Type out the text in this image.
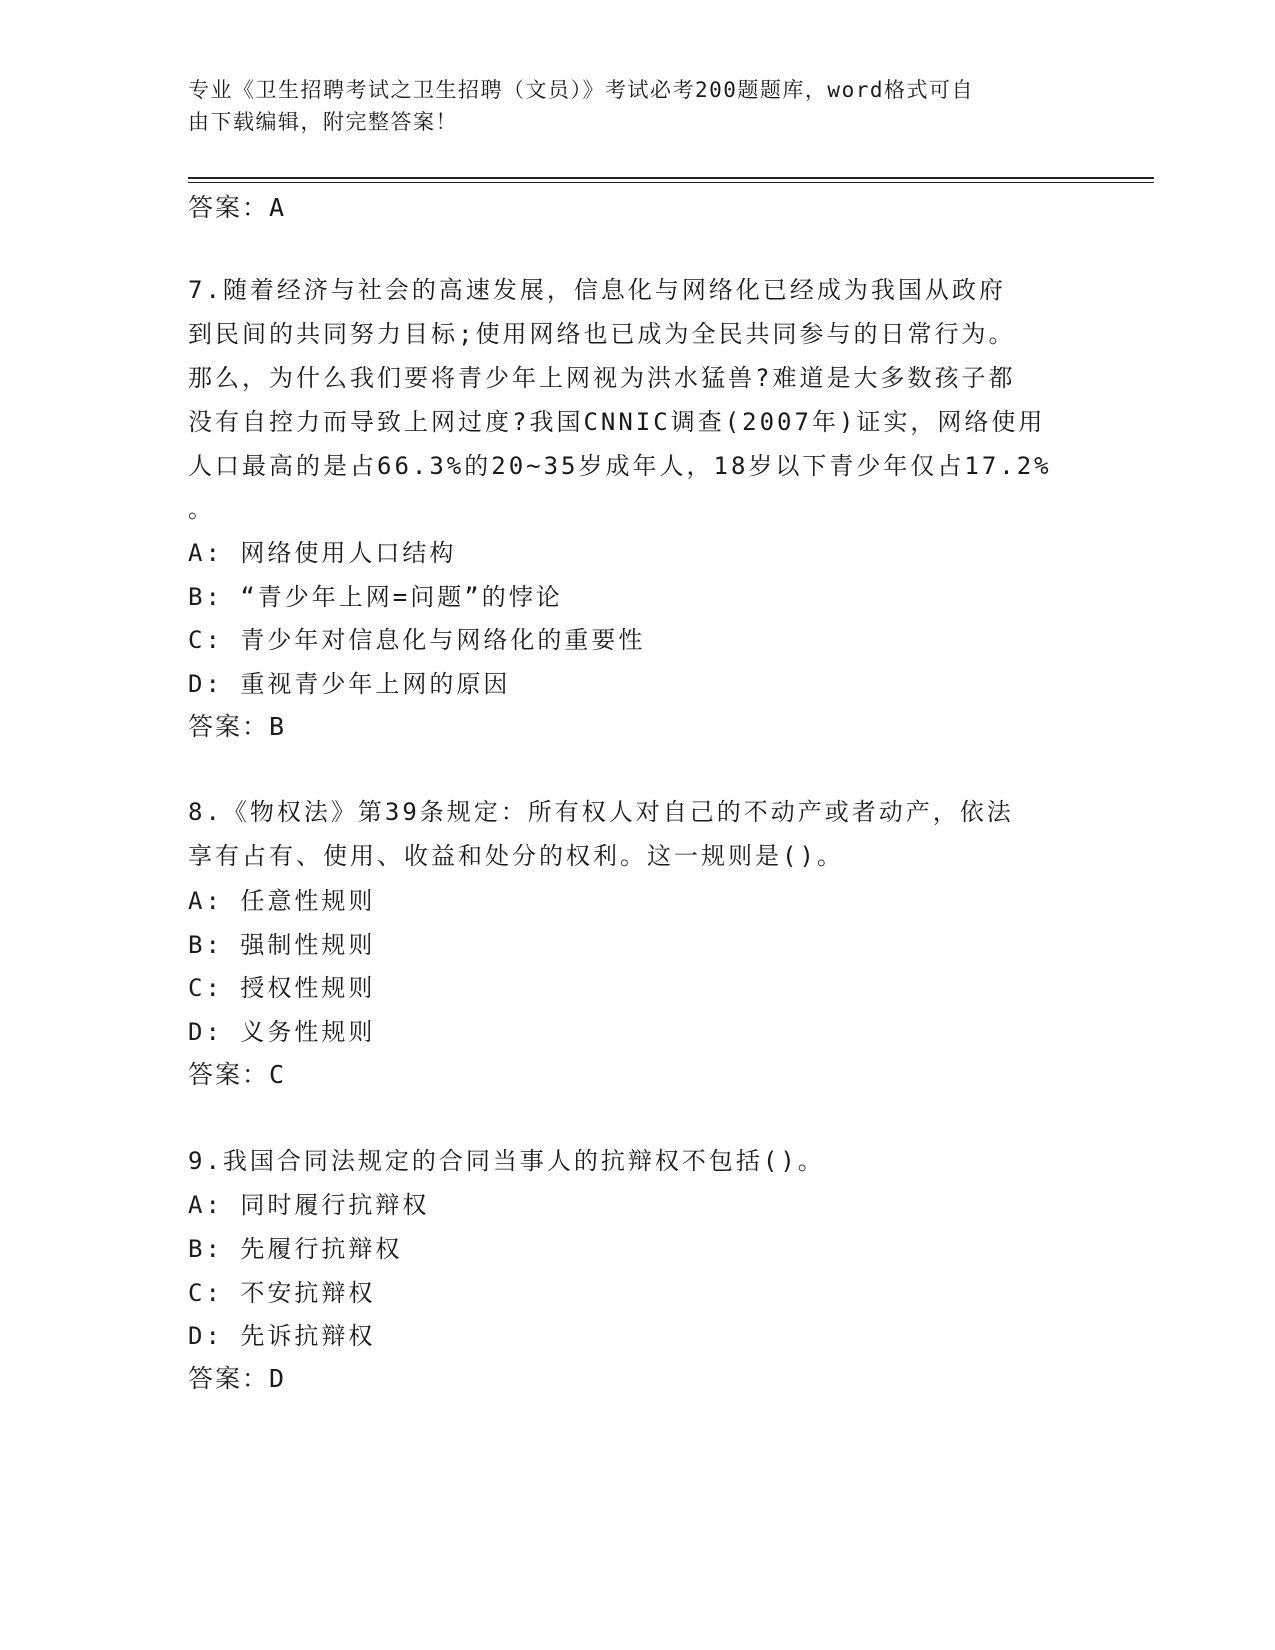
专业《卫生招聘考试之卫生招聘（文员）》考试必考200题题库，word格式可自
由下载编辑，附完整答案！
答案：A
7.随着经济与社会的高速发展，信息化与网络化已经成为我国从政府
到民间的共同努力目标;使用网络也已成为全民共同参与的日常行为。
那么，为什么我们要将青少年上网视为洪水猛兽?难道是大多数孩子都
没有自控力而导致上网过度?我国CNNIC调查(2007年)证实，网络使用
人口最高的是占66.3%的20~35岁成年人，18岁以下青少年仅占17.2%
。
A: 网络使用人口结构
B: “青少年上网=问题”的悖论
C: 青少年对信息化与网络化的重要性
D: 重视青少年上网的原因
答案：B
8.《物权法》第39条规定：所有权人对自己的不动产或者动产，依法
享有占有、使用、收益和处分的权利。这一规则是()。
A: 任意性规则
B: 强制性规则
C: 授权性规则
D: 义务性规则
答案：C
9.我国合同法规定的合同当事人的抗辩权不包括()。
A: 同时履行抗辩权
B: 先履行抗辩权
C: 不安抗辩权
D: 先诉抗辩权
答案：D
